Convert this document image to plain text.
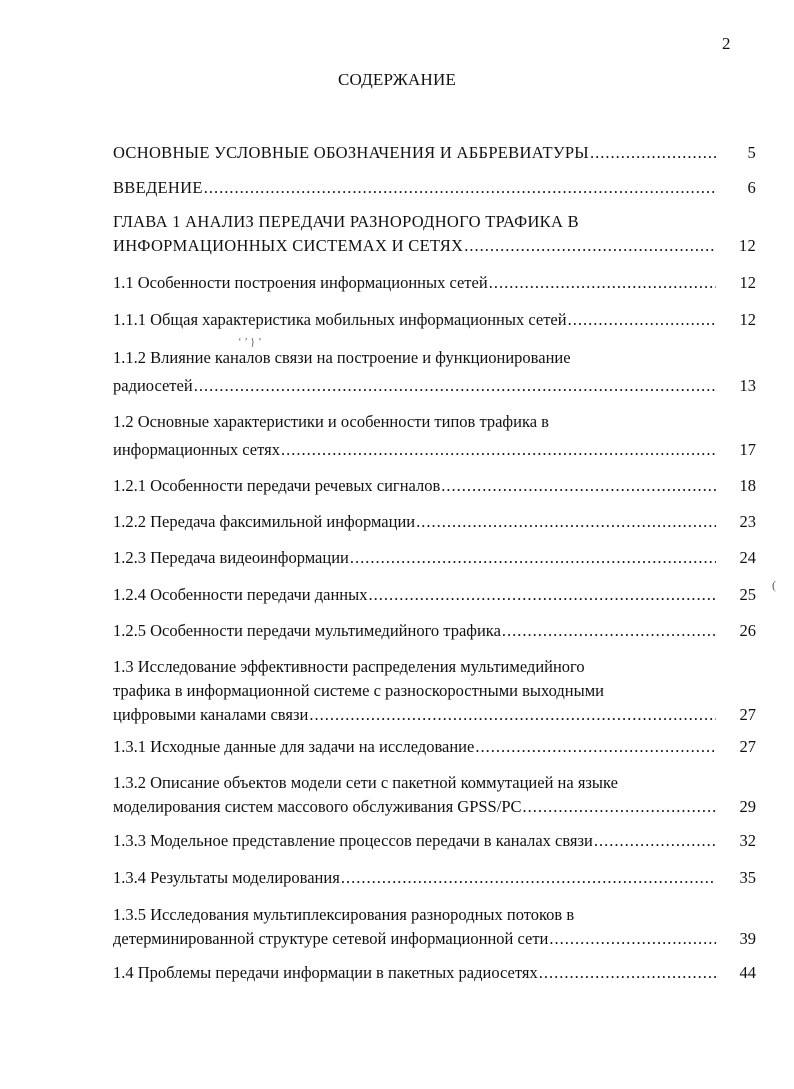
2
СОДЕРЖАНИЕ
ОСНОВНЫЕ УСЛОВНЫЕ ОБОЗНАЧЕНИЯ И АББРЕВИАТУРЫ .....	5
ВВЕДЕНИЕ .....	6
ГЛАВА 1 АНАЛИЗ ПЕРЕДАЧИ РАЗНОРОДНОГО ТРАФИКА В
ИНФОРМАЦИОННЫХ СИСТЕМАХ И СЕТЯХ .....	12
1.1 Особенности построения информационных сетей .....	12
1.1.1 Общая характеристика мобильных информационных сетей .....	12
1.1.2 Влияние каналов связи на построение и функционирование
радиосетей .....	13
1.2 Основные характеристики и особенности типов трафика в
информационных сетях .....	17
1.2.1 Особенности передачи речевых сигналов .....	18
1.2.2 Передача факсимильной информации .....	23
1.2.3 Передача видеоинформации .....	24
1.2.4 Особенности передачи данных .....	25
1.2.5 Особенности передачи мультимедийного трафика .....	26
1.3 Исследование эффективности распределения мультимедийного
трафика в информационной системе с разноскоростными выходными
цифровыми каналами связи .....	27
1.3.1 Исходные данные для задачи на исследование .....	27
1.3.2 Описание объектов модели сети с пакетной коммутацией на языке
моделирования систем массового обслуживания GPSS/PC .....	29
1.3.3 Модельное представление процессов передачи в каналах связи .....	32
1.3.4 Результаты моделирования .....	35
1.3.5 Исследования мультиплексирования разнородных потоков в
детерминированной структуре сетевой информационной сети .....	39
1.4 Проблемы передачи информации в пакетных радиосетях .....	44
‘ ’ } ’
(
